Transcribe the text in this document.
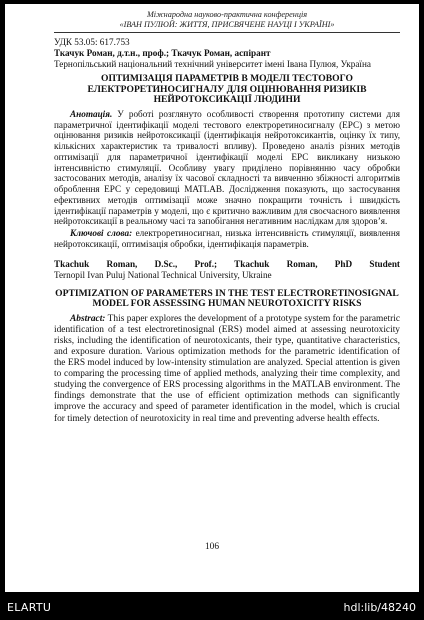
Міжнародна науково-практична конференція
«ІВАН ПУЛЮЙ: ЖИТТЯ, ПРИСВЯЧЕНЕ НАУЦІ І УКРАЇНІ»
УДК 53.05: 617.753
Ткачук Роман, д.т.н., проф.; Ткачук Роман, аспірант
Тернопільський національний технічний університет імені Івана Пулюя, Україна
ОПТИМІЗАЦІЯ ПАРАМЕТРІВ В МОДЕЛІ ТЕСТОВОГО ЕЛЕКТРОРЕТИНОСИГНАЛУ ДЛЯ ОЦІНЮВАННЯ РИЗИКІВ НЕЙРОТОКСИКАЦІЇ ЛЮДИНИ

Анотація. У роботі розглянуто особливості створення прототипу системи для параметричної ідентифікації моделі тестового електроретиносигналу (ЕРС) з метою оцінювання ризиків нейротоксикації (ідентифікація нейротоксикантів, оцінку їх типу, кількісних характеристик та тривалості впливу). Проведено аналіз різних методів оптимізації для параметричної ідентифікації моделі ЕРС викликану низькою інтенсивністю стимуляції. Особливу увагу приділено порівнянню часу обробки застосованих методів, аналізу їх часової складності та вивченню збіжності алгоритмів оброблення ЕРС у середовищі MATLAB. Дослідження показують, що застосування ефективних методів оптимізації може значно покращити точність і швидкість ідентифікації параметрів у моделі, що є критично важливим для своєчасного виявлення нейротоксикації в реальному часі та запобігання негативним наслідкам для здоров’я.

Ключові слова: електроретиносигнал, низька інтенсивність стимуляції, виявлення нейротоксикації, оптимізація обробки, ідентифікація параметрів.

Tkachuk Roman, D.Sc., Prof.; Tkachuk Roman, PhD Student
Ternopil Ivan Puluj National Technical University, Ukraine
OPTIMIZATION OF PARAMETERS IN THE TEST ELECTRORETINOSIGNAL MODEL FOR ASSESSING HUMAN NEUROTOXICITY RISKS

Abstract: This paper explores the development of a prototype system for the parametric identification of a test electroretinosignal (ERS) model aimed at assessing neurotoxicity risks, including the identification of neurotoxicants, their type, quantitative characteristics, and exposure duration. Various optimization methods for the parametric identification of the ERS model induced by low-intensity stimulation are analyzed. Special attention is given to comparing the processing time of applied methods, analyzing their time complexity, and studying the convergence of ERS processing algorithms in the MATLAB environment. The findings demonstrate that the use of efficient optimization methods can significantly improve the accuracy and speed of parameter identification in the model, which is crucial for timely detection of neurotoxicity in real time and preventing adverse health effects.

106
ELARTU	hdl:lib/48240
